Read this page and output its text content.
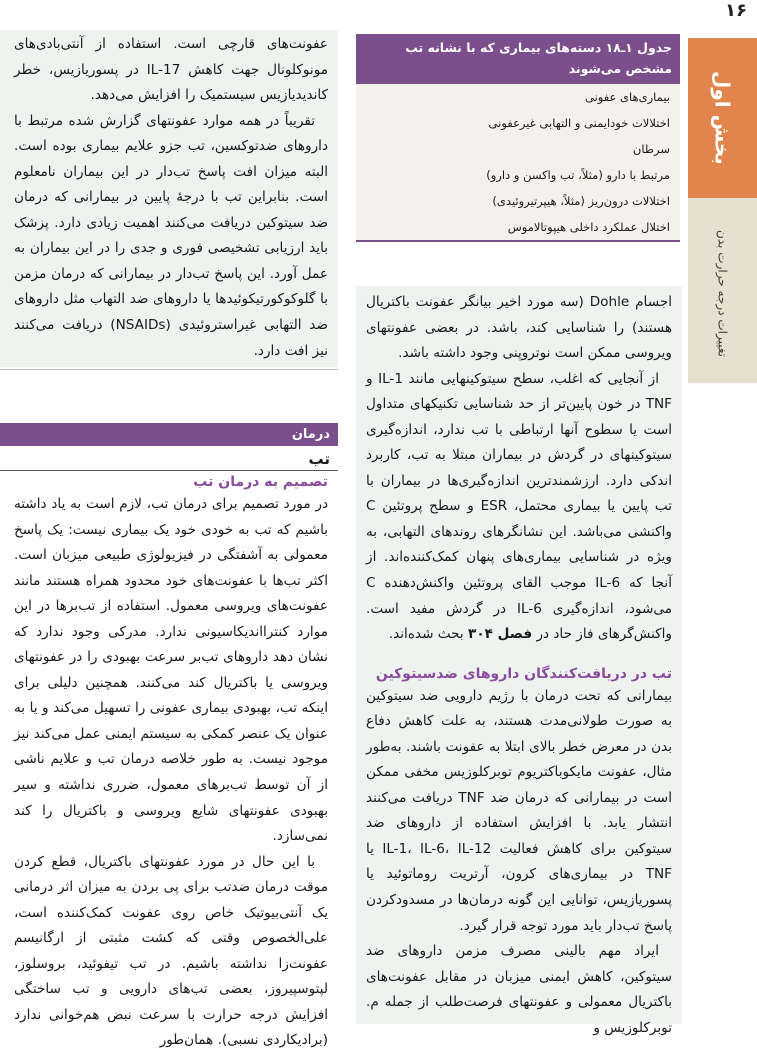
۱۶
بخش اول
تغییرات درجه حرارت بدن
جدول ۱ـ۱۸ دسته‌های بیماری که با نشانه تب مشخص می‌شوند
بیماری‌های عفونی
اختلالات خودایمنی و التهابی غیرعفونی
سرطان
مرتبط با دارو (مثلاً، تب واکسن و دارو)
اختلالات درون‌ریز (مثلاً، هیپرتیروئیدی)
اختلال عملکرد داخلی هیپوتالاموس

اجسام Dohle (سه مورد اخیر بیانگر عفونت باکتریال هستند) را شناسایی کند، باشد. در بعضی عفونتهای ویروسی ممکن است نوتروپنی وجود داشته باشد.

از آنجایی که اغلب، سطح سیتوکینهایی مانند IL-1 و TNF در خون پایین‌تر از حد شناسایی تکنیکهای متداول است یا سطوح آنها ارتباطی با تب ندارد، اندازه‌گیری سیتوکینهای در گردش در بیماران مبتلا به تب، کاربرد اندکی دارد. ارزشمندترین اندازه‌گیری‌ها در بیماران با تب پایین یا بیماری محتمل، ESR و سطح پروتئین C واکنشی می‌باشد. این نشانگرهای روندهای التهابی، به ویژه در شناسایی بیماری‌های پنهان کمک‌کننده‌اند. از آنجا که IL-6 موجب القای پروتئین واکنش‌دهنده C می‌شود، اندازه‌گیری IL-6 در گردش مفید است. واکنش‌گرهای فاز حاد در فصل ۳۰۴ بحث شده‌اند.

تب در دریافت‌کنندگان داروهای ضدسیتوکین

بیمارانی که تحت درمان با رژیم دارویی ضد سیتوکین به صورت طولانی‌مدت هستند، به علت کاهش دفاع بدن در معرض خطر بالای ابتلا به عفونت باشند. به‌طور مثال، عفونت مایکوباکتریوم توبرکلوزیس مخفی ممکن است در بیمارانی که درمان ضد TNF دریافت می‌کنند انتشار یابد. با افزایش استفاده از داروهای ضد سیتوکین برای کاهش فعالیت IL-1، IL-6، IL-12 یا TNF در بیماری‌های کرون، آرتریت روماتوئید یا پسوریازیس، توانایی این گونه درمان‌ها در مسدودکردن پاسخ تب‌دار باید مورد توجه قرار گیرد.

ایراد مهم بالینی مصرف مزمن داروهای ضد سیتوکین، کاهش ایمنی میزبان در مقابل عفونت‌های باکتریال معمولی و عفونتهای فرصت‌طلب از جمله م. توبرکلوزیس و

عفونت‌های قارچی است. استفاده از آنتی‌بادی‌های مونوکلونال جهت کاهش IL-17 در پسوریازیس، خطر کاندیدیازیس سیستمیک را افزایش می‌دهد.

تقریباً در همه موارد عفونتهای گزارش شده مرتبط با داروهای ضدتوکسین، تب جزو علایم بیماری بوده است. البته میزان افت پاسخ تب‌دار در این بیماران نامعلوم است. بنابراین تب با درجهٔ پایین در بیمارانی که درمان ضد سیتوکین دریافت می‌کنند اهمیت زیادی دارد. پزشک باید ارزیابی تشخیصی فوری و جدی را در این بیماران به عمل آورد. این پاسخ تب‌دار در بیمارانی که درمان مزمن با گلوکوکورتیکوئیدها یا داروهای ضد التهاب مثل داروهای ضد التهابی غیراستروئیدی (NSAIDs) دریافت می‌کنند نیز افت دارد.

درمان
تب
تصمیم به درمان تب

در مورد تصمیم برای درمان تب، لازم است به یاد داشته باشیم که تب به خودی خود یک بیماری نیست: یک پاسخ معمولی به آشفتگی در فیزیولوژی طبیعی میزبان است. اکثر تب‌ها با عفونت‌های خود محدود همراه هستند مانند عفونت‌های ویروسی معمول. استفاده از تب‌برها در این موارد کنترااندیکاسیونی ندارد. مدرکی وجود ندارد که نشان دهد داروهای تب‌بر سرعت بهبودی را در عفونتهای ویروسی یا باکتریال کند می‌کنند. همچنین دلیلی برای اینکه تب، بهبودی بیماری عفونی را تسهیل می‌کند و یا به عنوان یک عنصر کمکی به سیستم ایمنی عمل می‌کند نیز موجود نیست. به طور خلاصه درمان تب و علایم ناشی از آن توسط تب‌برهای معمول، ضرری نداشته و سیر بهبودی عفونتهای شایع ویروسی و باکتریال را کند نمی‌سازد.

با این حال در مورد عفونتهای باکتریال، قطع کردن موقت درمان ضدتب برای پی بردن به میزان اثر درمانی یک آنتی‌بیوتیک خاص روی عفونت کمک‌کننده است، علی‌الخصوص وقتی که کشت مثبتی از ارگانیسم عفونت‌زا نداشته باشیم. در تب تیفوئید، بروسلوز، لپتوسپیروز، بعضی تب‌های دارویی و تب ساختگی افزایش درجه حرارت با سرعت نبض هم‌خوانی ندارد (برادیکاردی نسبی). همان‌طور
